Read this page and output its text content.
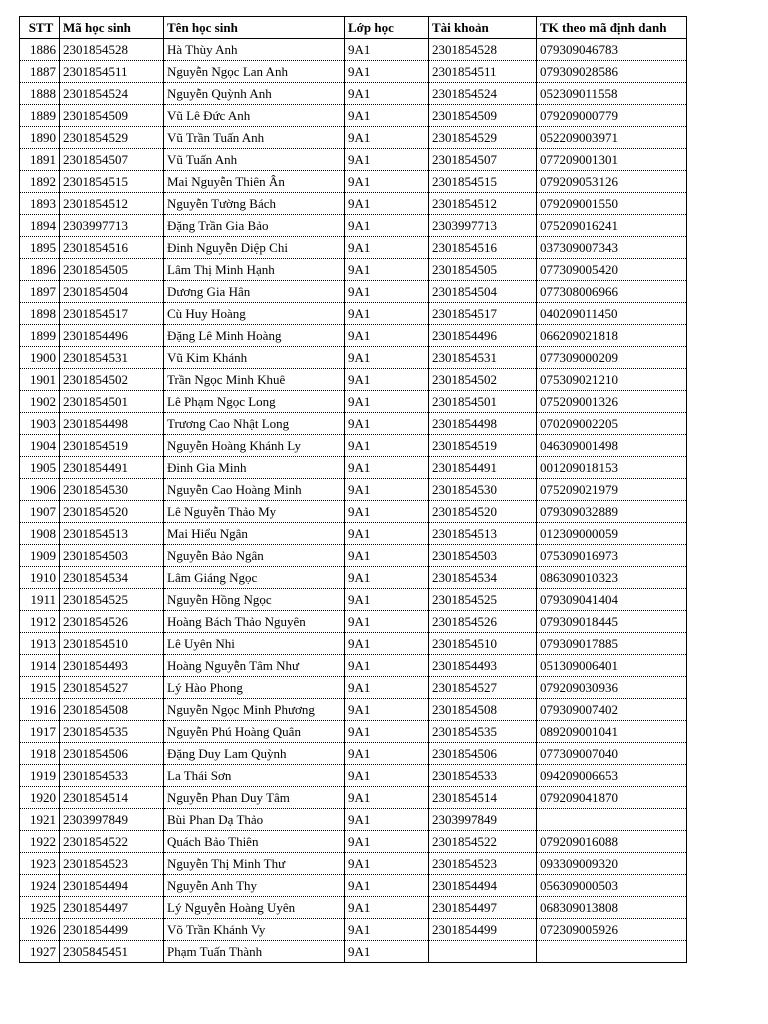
STT	Mã học sinh	Tên học sinh	Lớp học	Tài khoản	TK theo mã định danh
1886	2301854528	Hà Thùy Anh	9A1	2301854528	079309046783
1887	2301854511	Nguyễn Ngọc Lan Anh	9A1	2301854511	079309028586
1888	2301854524	Nguyễn Quỳnh Anh	9A1	2301854524	052309011558
1889	2301854509	Vũ Lê Đức Anh	9A1	2301854509	079209000779
1890	2301854529	Vũ Trần Tuấn Anh	9A1	2301854529	052209003971
1891	2301854507	Vũ Tuấn Anh	9A1	2301854507	077209001301
1892	2301854515	Mai Nguyễn Thiên Ân	9A1	2301854515	079209053126
1893	2301854512	Nguyễn Tường Bách	9A1	2301854512	079209001550
1894	2303997713	Đặng Trần Gia Bảo	9A1	2303997713	075209016241
1895	2301854516	Đinh Nguyễn Diệp Chi	9A1	2301854516	037309007343
1896	2301854505	Lâm Thị Minh Hạnh	9A1	2301854505	077309005420
1897	2301854504	Dương Gia Hân	9A1	2301854504	077308006966
1898	2301854517	Cù Huy Hoàng	9A1	2301854517	040209011450
1899	2301854496	Đặng Lê Minh Hoàng	9A1	2301854496	066209021818
1900	2301854531	Vũ Kim Khánh	9A1	2301854531	077309000209
1901	2301854502	Trần Ngọc Minh Khuê	9A1	2301854502	075309021210
1902	2301854501	Lê Phạm Ngọc Long	9A1	2301854501	075209001326
1903	2301854498	Trương Cao Nhật Long	9A1	2301854498	070209002205
1904	2301854519	Nguyễn Hoàng Khánh Ly	9A1	2301854519	046309001498
1905	2301854491	Đinh Gia Minh	9A1	2301854491	001209018153
1906	2301854530	Nguyễn Cao Hoàng Minh	9A1	2301854530	075209021979
1907	2301854520	Lê Nguyễn Thảo My	9A1	2301854520	079309032889
1908	2301854513	Mai Hiểu Ngân	9A1	2301854513	012309000059
1909	2301854503	Nguyễn Bảo Ngân	9A1	2301854503	075309016973
1910	2301854534	Lâm Giáng Ngọc	9A1	2301854534	086309010323
1911	2301854525	Nguyễn Hồng Ngọc	9A1	2301854525	079309041404
1912	2301854526	Hoàng Bách Thảo Nguyên	9A1	2301854526	079309018445
1913	2301854510	Lê Uyên Nhi	9A1	2301854510	079309017885
1914	2301854493	Hoàng Nguyễn Tâm Như	9A1	2301854493	051309006401
1915	2301854527	Lý Hào Phong	9A1	2301854527	079209030936
1916	2301854508	Nguyễn Ngọc Minh Phương	9A1	2301854508	079309007402
1917	2301854535	Nguyễn Phú Hoàng Quân	9A1	2301854535	089209001041
1918	2301854506	Đặng Duy Lam Quỳnh	9A1	2301854506	077309007040
1919	2301854533	La Thái Sơn	9A1	2301854533	094209006653
1920	2301854514	Nguyễn Phan Duy Tâm	9A1	2301854514	079209041870
1921	2303997849	Bùi Phan Dạ Thảo	9A1	2303997849	
1922	2301854522	Quách Bảo Thiên	9A1	2301854522	079209016088
1923	2301854523	Nguyễn Thị Minh Thư	9A1	2301854523	093309009320
1924	2301854494	Nguyễn Anh Thy	9A1	2301854494	056309000503
1925	2301854497	Lý Nguyễn Hoàng Uyên	9A1	2301854497	068309013808
1926	2301854499	Võ Trần Khánh Vy	9A1	2301854499	072309005926
1927	2305845451	Phạm Tuấn Thành	9A1		
